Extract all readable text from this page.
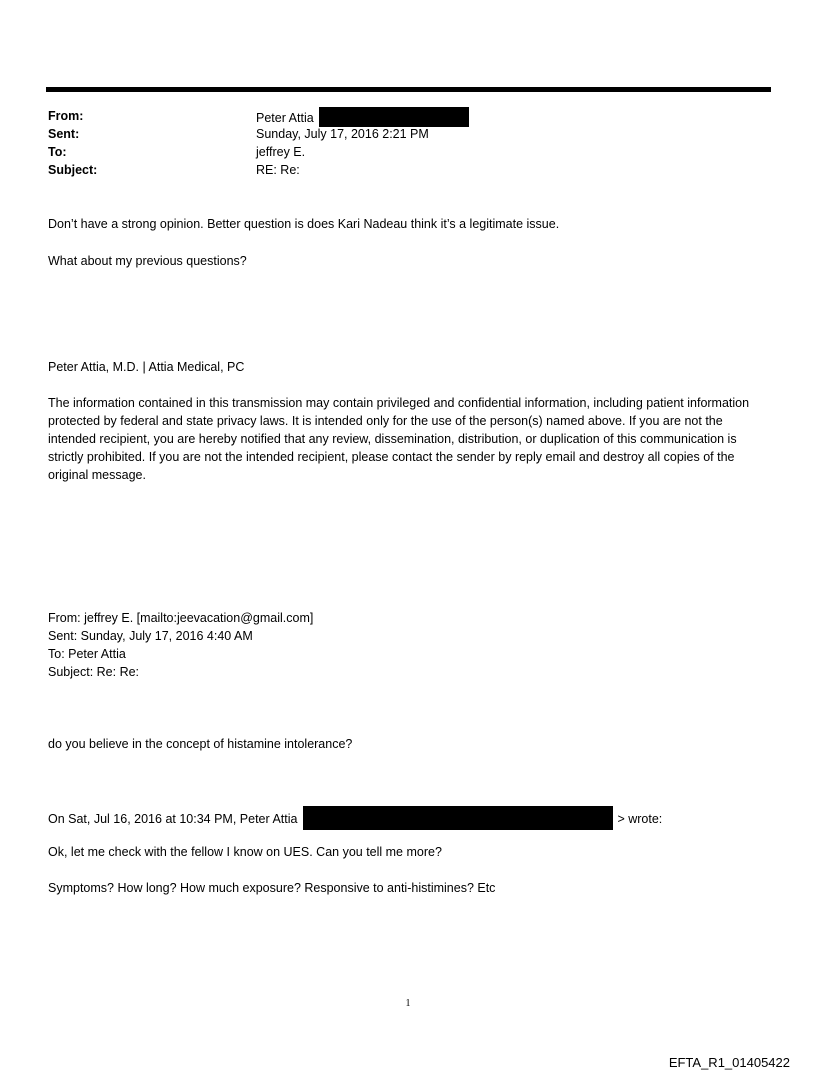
From:	Peter Attia
Sent:	Sunday, July 17, 2016 2:21 PM
To:	jeffrey E.
Subject:	RE: Re:
Don’t have a strong opinion. Better question is does Kari Nadeau think it’s a legitimate issue.
What about my previous questions?
Peter Attia, M.D. | Attia Medical, PC
The information contained in this transmission may contain privileged and confidential information, including patient information protected by federal and state privacy laws. It is intended only for the use of the person(s) named above. If you are not the intended recipient, you are hereby notified that any review, dissemination, distribution, or duplication of this communication is strictly prohibited. If you are not the intended recipient, please contact the sender by reply email and destroy all copies of the original message.
From: jeffrey E. [mailto:jeevacation@gmail.com]
Sent: Sunday, July 17, 2016 4:40 AM
To: Peter Attia
Subject: Re: Re:
do you believe in the concept of histamine intolerance?
On Sat, Jul 16, 2016 at 10:34 PM, Peter Attia	> wrote:
Ok, let me check with the fellow I know on UES. Can you tell me more?
Symptoms? How long? How much exposure? Responsive to anti-histimines? Etc
1
EFTA_R1_01405422
